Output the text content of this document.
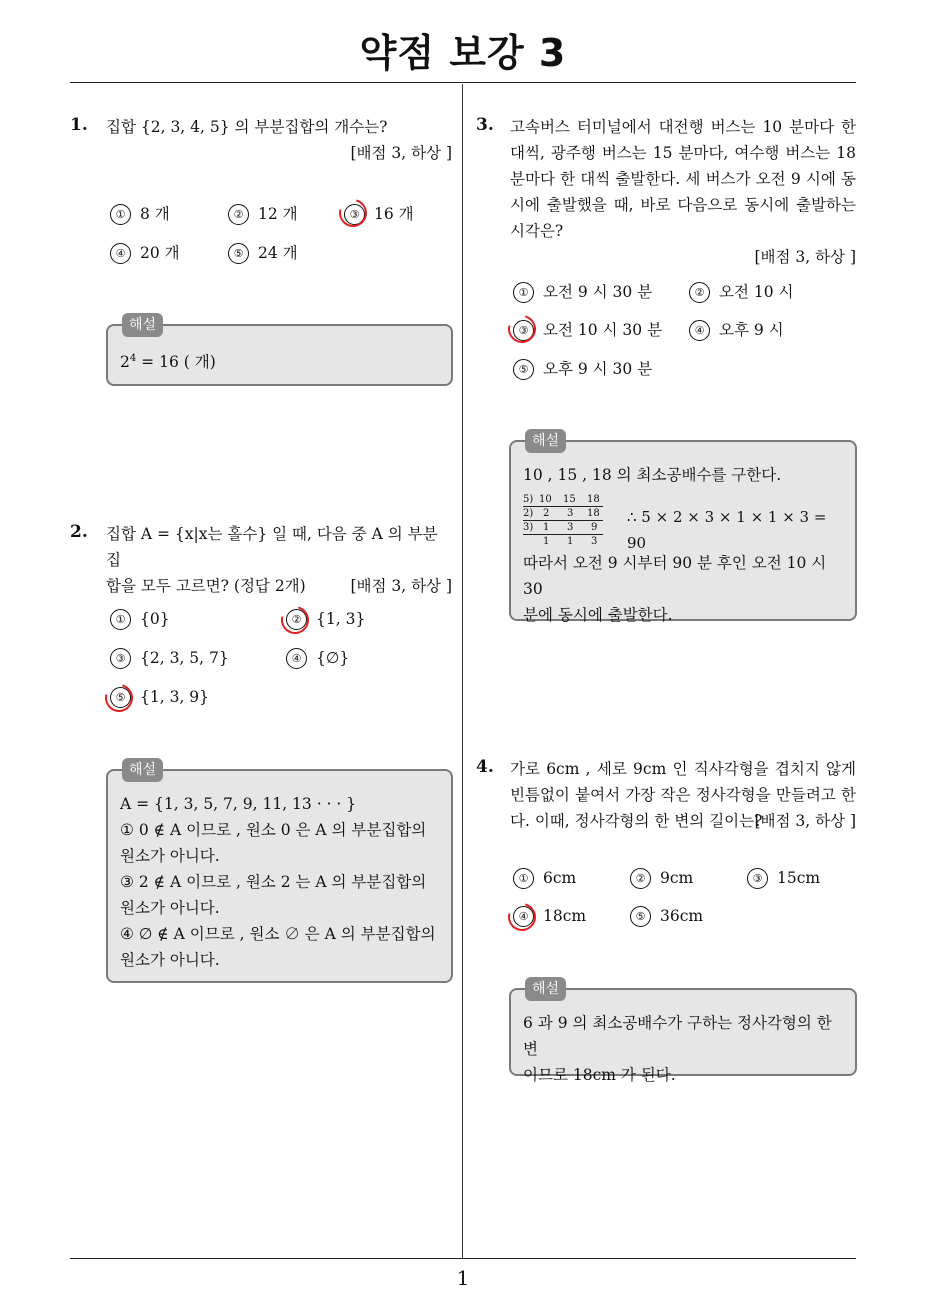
약점 보강 3
1
1. 집합 {2, 3, 4, 5} 의 부분집합의 개수는?
[배점 3, 하상 ]
① 8 개	② 12 개	③ 16 개
④ 20 개	⑤ 24 개
해설
$2^4 = 16$ ( 개)
2. 집합 A = {x|x는 홀수} 일 때, 다음 중 A 의 부분집
합을 모두 고르면? (정답 2개)	[배점 3, 하상 ]
① {0}	② {1, 3}
③ {2, 3, 5, 7}	④ {∅}
⑤ {1, 3, 9}
해설
A = {1, 3, 5, 7, 9, 11, 13 · · · }
① 0 ∉ A 이므로 , 원소 0 은 A 의 부분집합의
원소가 아니다.
③ 2 ∉ A 이므로 , 원소 2 는 A 의 부분집합의
원소가 아니다.
④ ∅ ∉ A 이므로 , 원소 ∅ 은 A 의 부분집합의
원소가 아니다.
3. 고속버스 터미널에서 대전행 버스는 10 분마다 한 대씩, 광주행 버스는 15 분마다, 여수행 버스는 18 분마다 한 대씩 출발한다. 세 버스가 오전 9 시에 동시에 출발했을 때, 바로 다음으로 동시에 출발하는 시각은?
[배점 3, 하상 ]
① 오전 9 시 30 분	② 오전 10 시
③ 오전 10 시 30 분	④ 오후 9 시
⑤ 오후 9 시 30 분
해설
10 , 15 , 18 의 최소공배수를 구한다.
5) 10 15 18
2) 2 3 18
3) 1 3 9
1 1 3
∴ 5 × 2 × 3 × 1 × 1 × 3 = 90
따라서 오전 9 시부터 90 분 후인 오전 10 시 30
분에 동시에 출발한다.
4. 가로 6cm , 세로 9cm 인 직사각형을 겹치지 않게 빈틈없이 붙여서 가장 작은 정사각형을 만들려고 한다. 이때, 정사각형의 한 변의 길이는?
[배점 3, 하상 ]
① 6cm	② 9cm	③ 15cm
④ 18cm	⑤ 36cm
해설
6 과 9 의 최소공배수가 구하는 정사각형의 한 변
이므로 18cm 가 된다.
